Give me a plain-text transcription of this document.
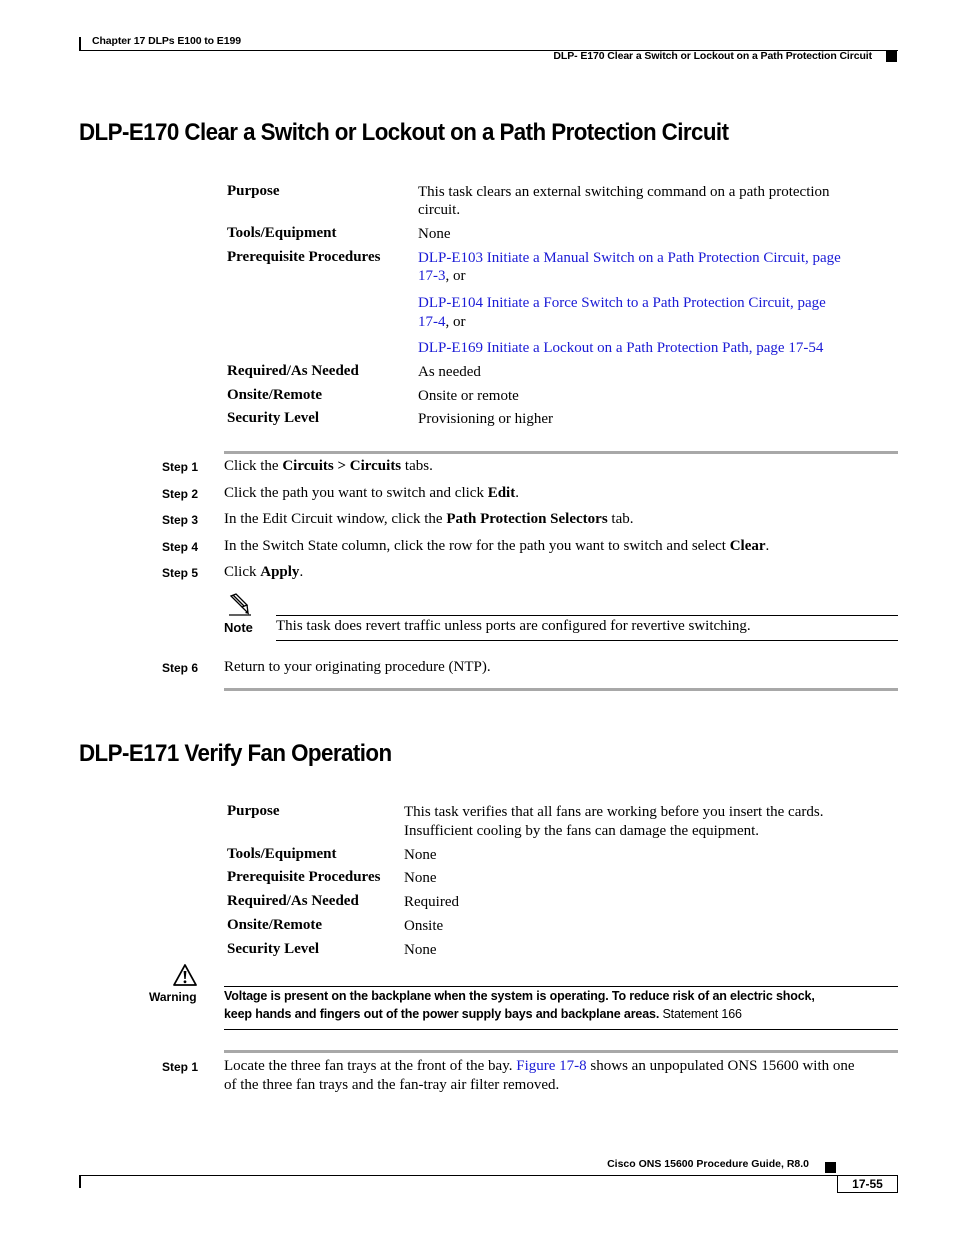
Chapter 17 DLPs E100 to E199
DLP- E170 Clear a Switch or Lockout on a Path Protection Circuit
DLP-E170 Clear a Switch or Lockout on a Path Protection Circuit
Purpose	This task clears an external switching command on a path protection
circuit.
Tools/Equipment	None
Prerequisite Procedures	DLP-E103 Initiate a Manual Switch on a Path Protection Circuit, page
17-3, or
DLP-E104 Initiate a Force Switch to a Path Protection Circuit, page
17-4, or
DLP-E169 Initiate a Lockout on a Path Protection Path, page 17-54
Required/As Needed	As needed
Onsite/Remote	Onsite or remote
Security Level	Provisioning or higher
Step 1 Click the Circuits > Circuits tabs.
Step 2 Click the path you want to switch and click Edit.
Step 3 In the Edit Circuit window, click the Path Protection Selectors tab.
Step 4 In the Switch State column, click the row for the path you want to switch and select Clear.
Step 5 Click Apply.
Note This task does revert traffic unless ports are configured for revertive switching.
Step 6 Return to your originating procedure (NTP).
DLP-E171 Verify Fan Operation
Purpose	This task verifies that all fans are working before you insert the cards.
Insufficient cooling by the fans can damage the equipment.
Tools/Equipment	None
Prerequisite Procedures None
Required/As Needed	Required
Onsite/Remote	Onsite
Security Level	None
Warning Voltage is present on the backplane when the system is operating. To reduce risk of an electric shock,
keep hands and fingers out of the power supply bays and backplane areas. Statement 166
Step 1 Locate the three fan trays at the front of the bay. Figure 17-8 shows an unpopulated ONS 15600 with one
of the three fan trays and the fan-tray air filter removed.
Cisco ONS 15600 Procedure Guide, R8.0
17-55
